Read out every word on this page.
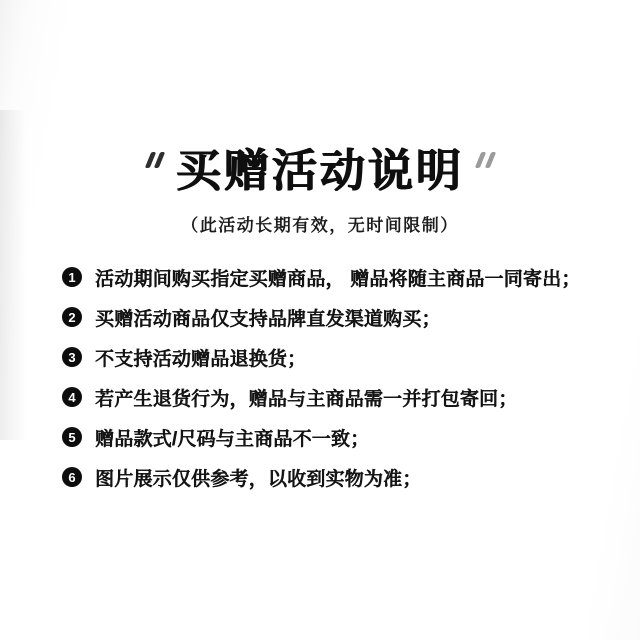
买赠活动说明
（此活动长期有效，无时间限制）
1 活动期间购买指定买赠商品， 赠品将随主商品一同寄出；
2 买赠活动商品仅支持品牌直发渠道购买；
3 不支持活动赠品退换货；
4 若产生退货行为，赠品与主商品需一并打包寄回；
5 赠品款式/尺码与主商品不一致；
6 图片展示仅供参考，以收到实物为准；
